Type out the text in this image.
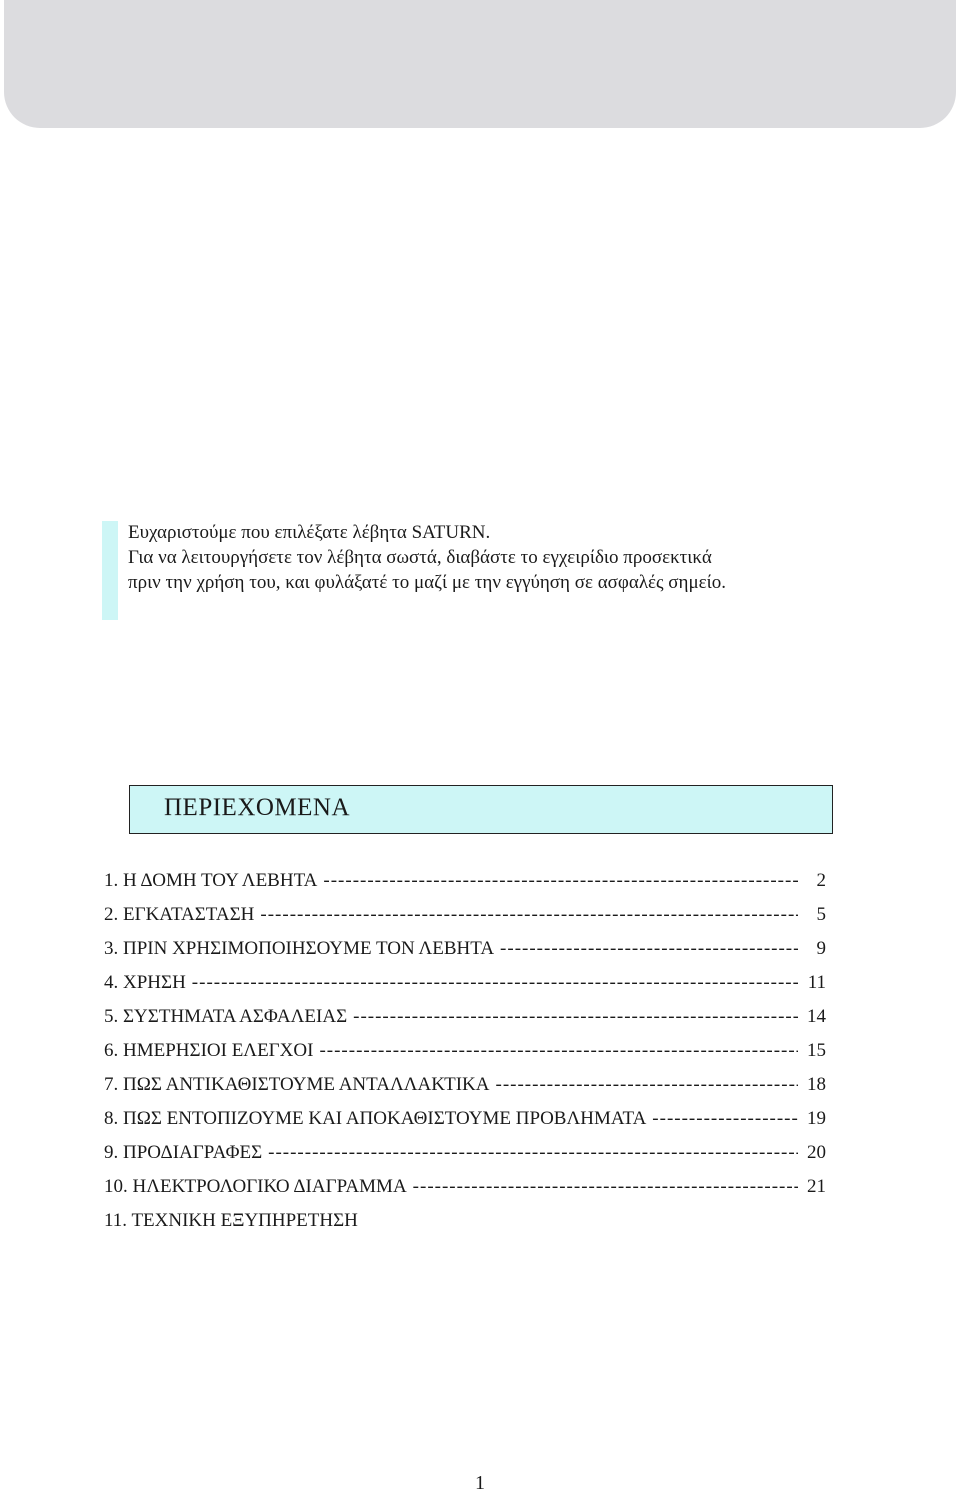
Ευχαριστούμε που επιλέξατε λέβητα SATURN.
Για να λειτουργήσετε τον λέβητα σωστά, διαβάστε το εγχειρίδιο προσεκτικά
πριν την χρήση του, και φυλάξατέ το μαζί με την εγγύηση σε ασφαλές σημείο.
ΠΕΡΙΕΧΟΜΕΝΑ
1. Η ΔΟΜΗ ΤΟΥ ΛΕΒΗΤΑ -----	2
2. ΕΓΚΑΤΑΣΤΑΣΗ -----	5
3. ΠΡΙΝ ΧΡΗΣΙΜΟΠΟΙΗΣΟΥΜΕ ΤΟΝ ΛΕΒΗΤΑ -----	9
4. ΧΡΗΣΗ -----	11
5. ΣΥΣΤΗΜΑΤΑ ΑΣΦΑΛΕΙΑΣ -----	14
6. ΗΜΕΡΗΣΙΟΙ ΕΛΕΓΧΟΙ -----	15
7. ΠΩΣ ΑΝΤΙΚΑΘΙΣΤΟΥΜΕ ΑΝΤΑΛΛΑΚΤΙΚΑ -----	18
8. ΠΩΣ ΕΝΤΟΠΙΖΟΥΜΕ ΚΑΙ ΑΠΟΚΑΘΙΣΤΟΥΜΕ ΠΡΟΒΛΗΜΑΤΑ -----	19
9. ΠΡΟΔΙΑΓΡΑΦΕΣ -----	20
10. ΗΛΕΚΤΡΟΛΟΓΙΚΟ ΔΙΑΓΡΑΜΜΑ -----	21
11. ΤΕΧΝΙΚΗ ΕΞΥΠΗΡΕΤΗΣΗ
1
